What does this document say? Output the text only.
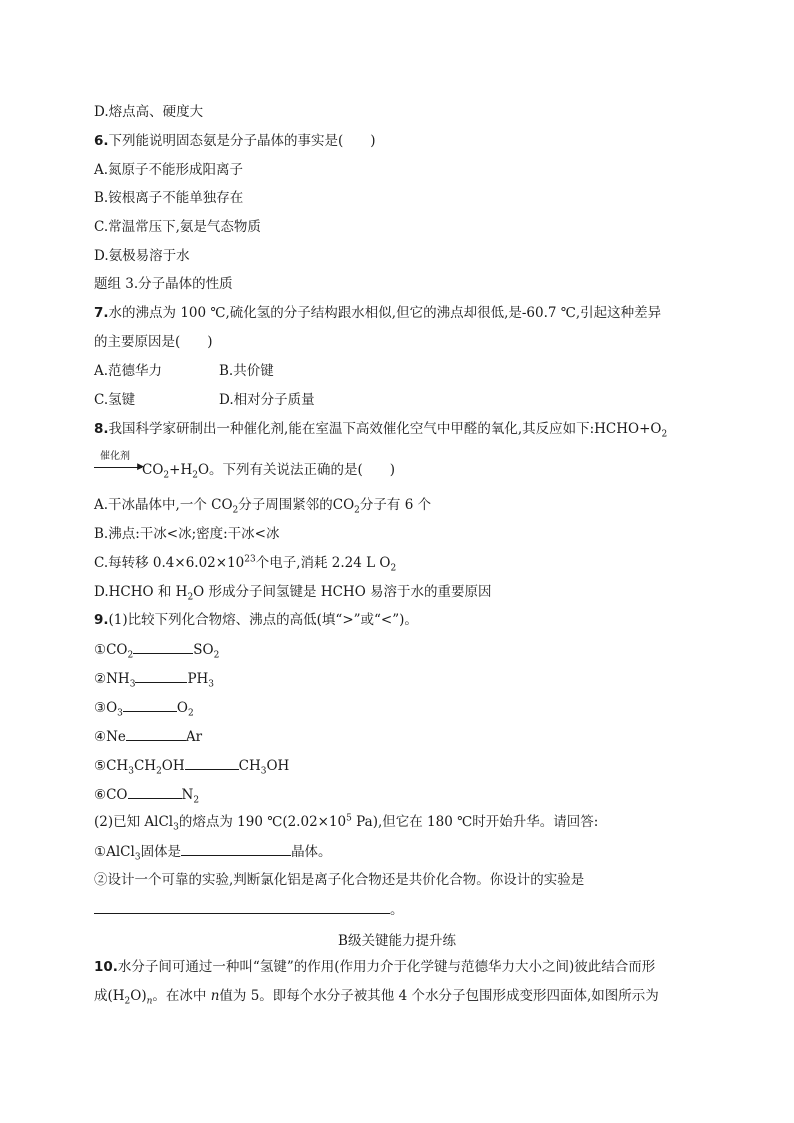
D.熔点高、硬度大
6.下列能说明固态氨是分子晶体的事实是(　　)
A.氮原子不能形成阳离子
B.铵根离子不能单独存在
C.常温常压下,氨是气态物质
D.氨极易溶于水
题组 3.分子晶体的性质
7.水的沸点为 100 ℃,硫化氢的分子结构跟水相似,但它的沸点却很低,是-60.7 ℃,引起这种差异
的主要原因是(　　)
A.范德华力	B.共价键
C.氢键	D.相对分子质量
8.我国科学家研制出一种催化剂,能在室温下高效催化空气中甲醛的氧化,其反应如下$:HCHO+O_2$
催化剂
▶
$CO_2+H_2O$。下列有关说法正确的是(　　)
A.干冰晶体中,一个 $CO_2$分子周围紧邻的$CO_2$分子有 6 个
B.沸点:干冰<冰;密度:干冰<冰
C.每转移 $0.4\times 6.02\times 10^{23}$个电子,消耗 2.24 L $O_2$
D.HCHO 和 $H_2O$ 形成分子间氢键是 HCHO 易溶于水的重要原因
9.(1)比较下列化合物熔、沸点的高低(填“>”或“<”)。
$①CO_2$	$SO_2$
$②NH_3$	$PH_3$
$③O_3$	$O_2$
④Ne	Ar
$⑤CH_3CH_2OH$	$CH_3OH$
⑥CO	$N_2$
(2)已知 AlCl$_3$的熔点为 190 $℃(2.02\times 10^5$ Pa),但它在 180 ℃时开始升华。请回答:
①AlCl$_3$固体是	晶体。
②设计一个可靠的实验,判断氯化铝是离子化合物还是共价化合物。你设计的实验是
。
B级关键能力提升练
10.水分子间可通过一种叫“氢键”的作用(作用力介于化学键与范德华力大小之间)彼此结合而形
成$(H_2O)_n$。在冰中 n值为 5。即每个水分子被其他 4 个水分子包围形成变形四面体,如图所示为
